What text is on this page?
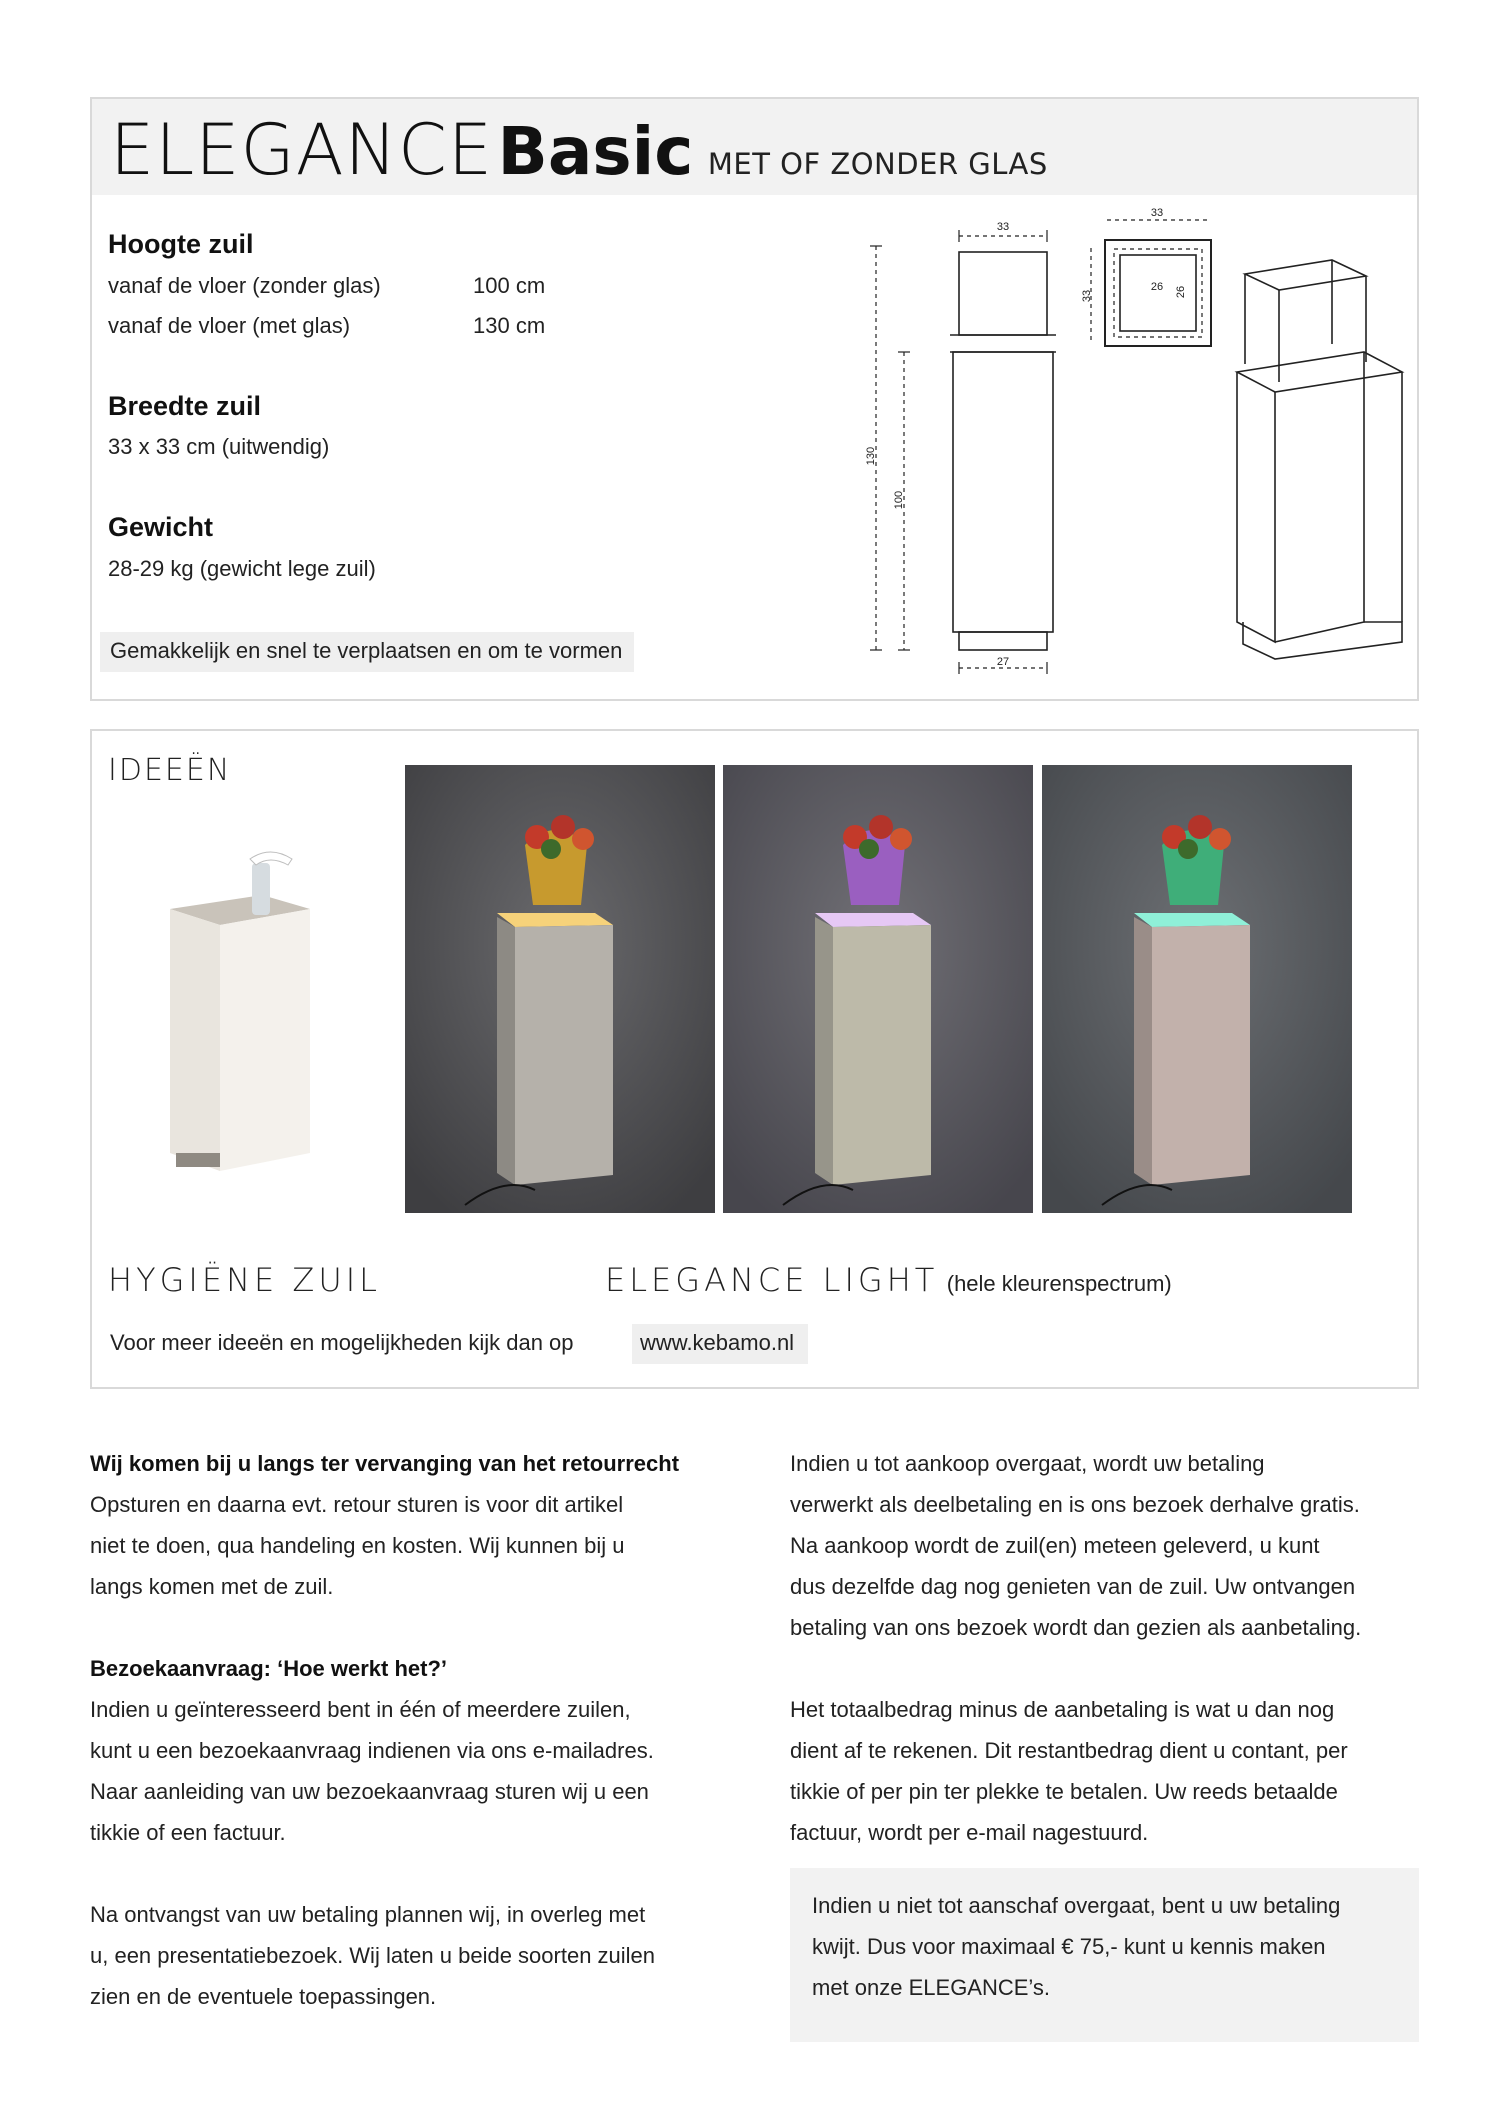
ELEGANCE Basic MET OF ZONDER GLAS
Hoogte zuil
vanaf de vloer (zonder glas)	100 cm
vanaf de vloer (met glas)	130 cm
Breedte zuil
33 x 33 cm (uitwendig)
Gewicht
28-29 kg (gewicht lege zuil)
Gemakkelijk en snel te verplaatsen en om te vormen
33
33
33
26 26
130
100
27
IDEEËN
HYGIËNE ZUIL	ELEGANCE LIGHT (hele kleurenspectrum)
Voor meer ideeën en mogelijkheden kijk dan op	www.kebamo.nl
Wij komen bij u langs ter vervanging van het retourrecht

Opsturen en daarna evt. retour sturen is voor dit artikel
niet te doen, qua handeling en kosten. Wij kunnen bij u
langs komen met de zuil.

Bezoekaanvraag: ‘Hoe werkt het?’

Indien u geïnteresseerd bent in één of meerdere zuilen,
kunt u een bezoekaanvraag indienen via ons e-mailadres.
Naar aanleiding van uw bezoekaanvraag sturen wij u een
tikkie of een factuur.

Na ontvangst van uw betaling plannen wij, in overleg met
u, een presentatiebezoek. Wij laten u beide soorten zuilen
zien en de eventuele toepassingen.

Indien u tot aankoop overgaat, wordt uw betaling
verwerkt als deelbetaling en is ons bezoek derhalve gratis.
Na aankoop wordt de zuil(en) meteen geleverd, u kunt
dus dezelfde dag nog genieten van de zuil. Uw ontvangen
betaling van ons bezoek wordt dan gezien als aanbetaling.

Het totaalbedrag minus de aanbetaling is wat u dan nog
dient af te rekenen. Dit restantbedrag dient u contant, per
tikkie of per pin ter plekke te betalen. Uw reeds betaalde
factuur, wordt per e-mail nagestuurd.

Indien u niet tot aanschaf overgaat, bent u uw betaling
kwijt. Dus voor maximaal € 75,- kunt u kennis maken
met onze ELEGANCE’s.
